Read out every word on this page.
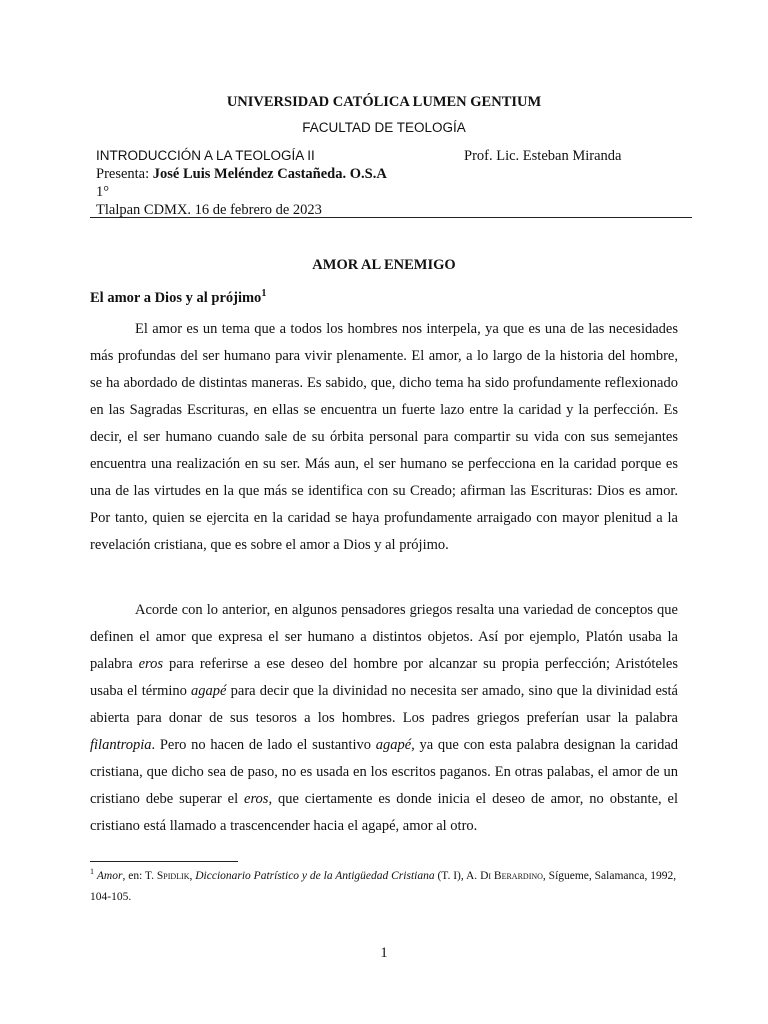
UNIVERSIDAD CATÓLICA LUMEN GENTIUM
FACULTAD DE TEOLOGÍA
INTRODUCCIÓN A LA TEOLOGÍA II	Prof. Lic. Esteban Miranda
Presenta: José Luis Meléndez Castañeda. O.S.A
1°
Tlalpan CDMX. 16 de febrero de 2023
AMOR AL ENEMIGO
El amor a Dios y al prójimo$^1$

El amor es un tema que a todos los hombres nos interpela, ya que es una de las necesidades más profundas del ser humano para vivir plenamente. El amor, a lo largo de la historia del hombre, se ha abordado de distintas maneras. Es sabido, que, dicho tema ha sido profundamente reflexionado en las Sagradas Escrituras, en ellas se encuentra un fuerte lazo entre la caridad y la perfección. Es decir, el ser humano cuando sale de su órbita personal para compartir su vida con sus semejantes encuentra una realización en su ser. Más aun, el ser humano se perfecciona en la caridad porque es una de las virtudes en la que más se identifica con su Creado; afirman las Escrituras: Dios es amor. Por tanto, quien se ejercita en la caridad se haya profundamente arraigado con mayor plenitud a la revelación cristiana, que es sobre el amor a Dios y al prójimo.

Acorde con lo anterior, en algunos pensadores griegos resalta una variedad de conceptos que definen el amor que expresa el ser humano a distintos objetos. Así por ejemplo, Platón usaba la palabra eros para referirse a ese deseo del hombre por alcanzar su propia perfección; Aristóteles usaba el término agapé para decir que la divinidad no necesita ser amado, sino que la divinidad está abierta para donar de sus tesoros a los hombres. Los padres griegos preferían usar la palabra filantropia. Pero no hacen de lado el sustantivo agapé, ya que con esta palabra designan la caridad cristiana, que dicho sea de paso, no es usada en los escritos paganos. En otras palabas, el amor de un cristiano debe superar el eros, que ciertamente es donde inicia el deseo de amor, no obstante, el cristiano está llamado a trascencender hacia el agapé, amor al otro.

$^1$ Amor, en: T. Spidlik, Diccionario Patrístico y de la Antigüedad Cristiana (T. I), A. Di Berardino, Sígueme, Salamanca, 1992, 104-105.

1
